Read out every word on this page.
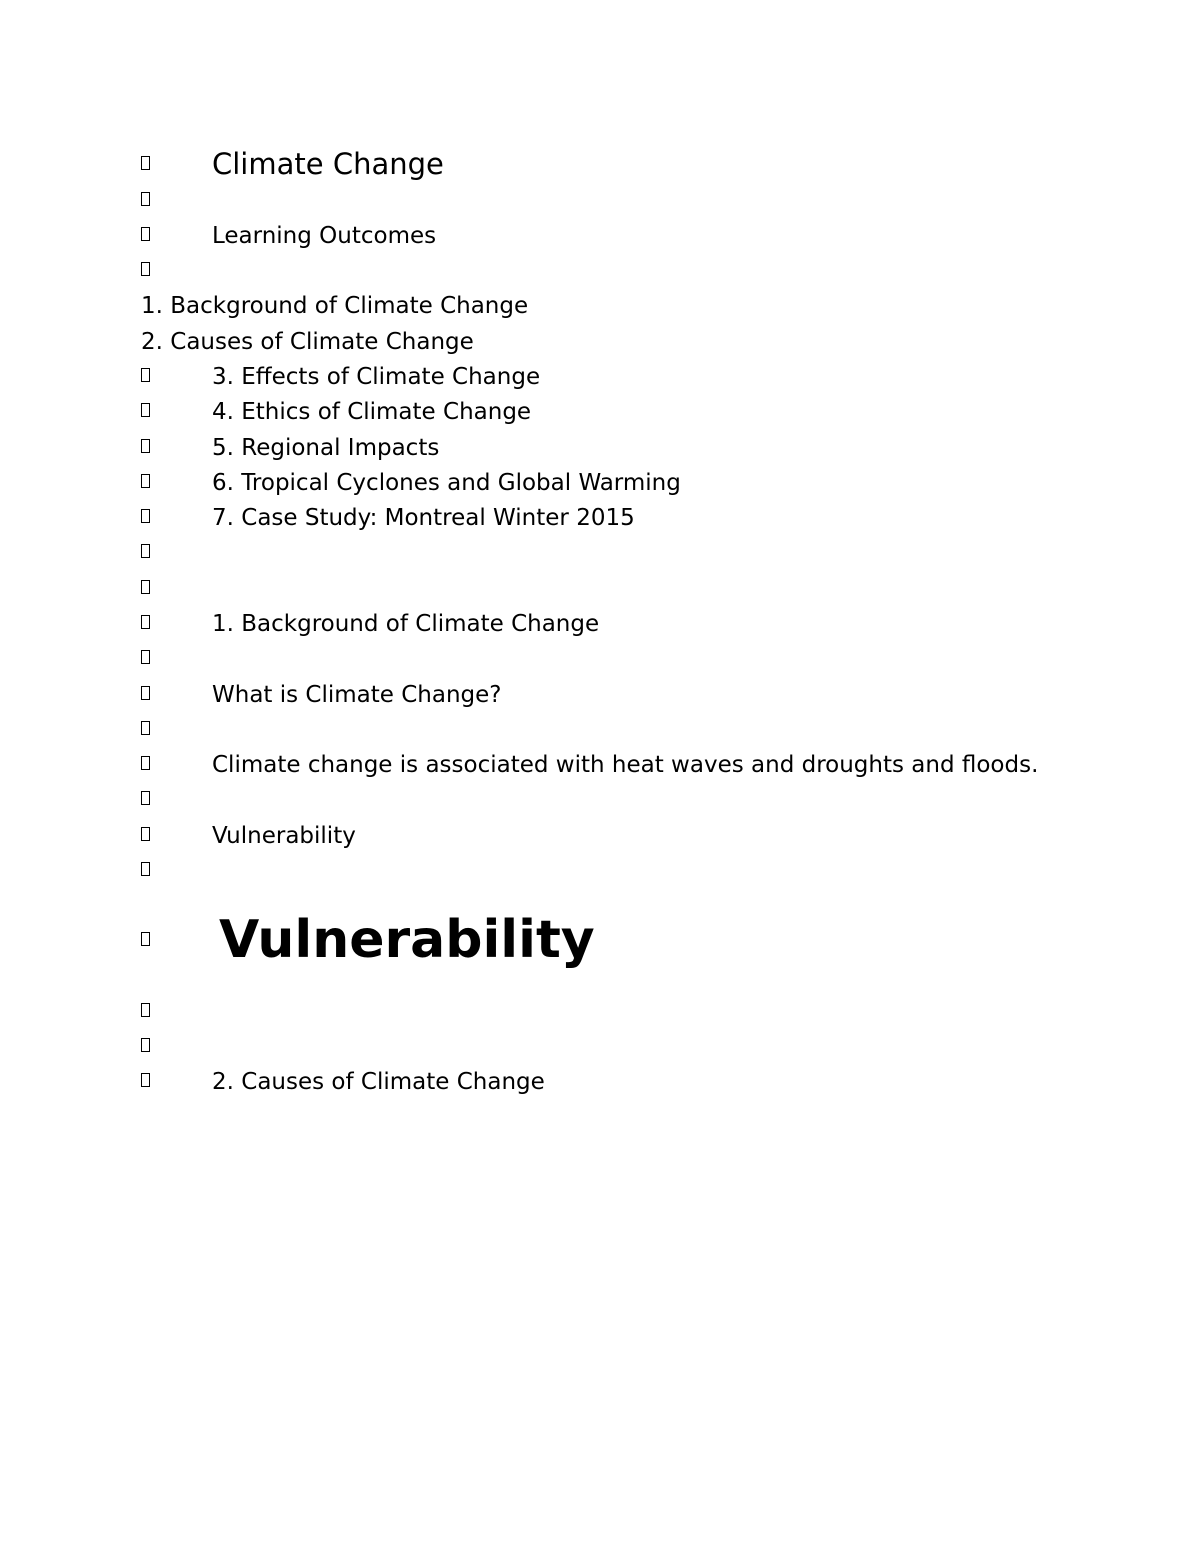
Climate Change
Learning Outcomes
1. Background of Climate Change
2. Causes of Climate Change
3. Effects of Climate Change
4. Ethics of Climate Change
5. Regional Impacts
6. Tropical Cyclones and Global Warming
7. Case Study: Montreal Winter 2015
1. Background of Climate Change
What is Climate Change?
Climate change is associated with heat waves and droughts and floods.
Vulnerability
Vulnerability
2. Causes of Climate Change
